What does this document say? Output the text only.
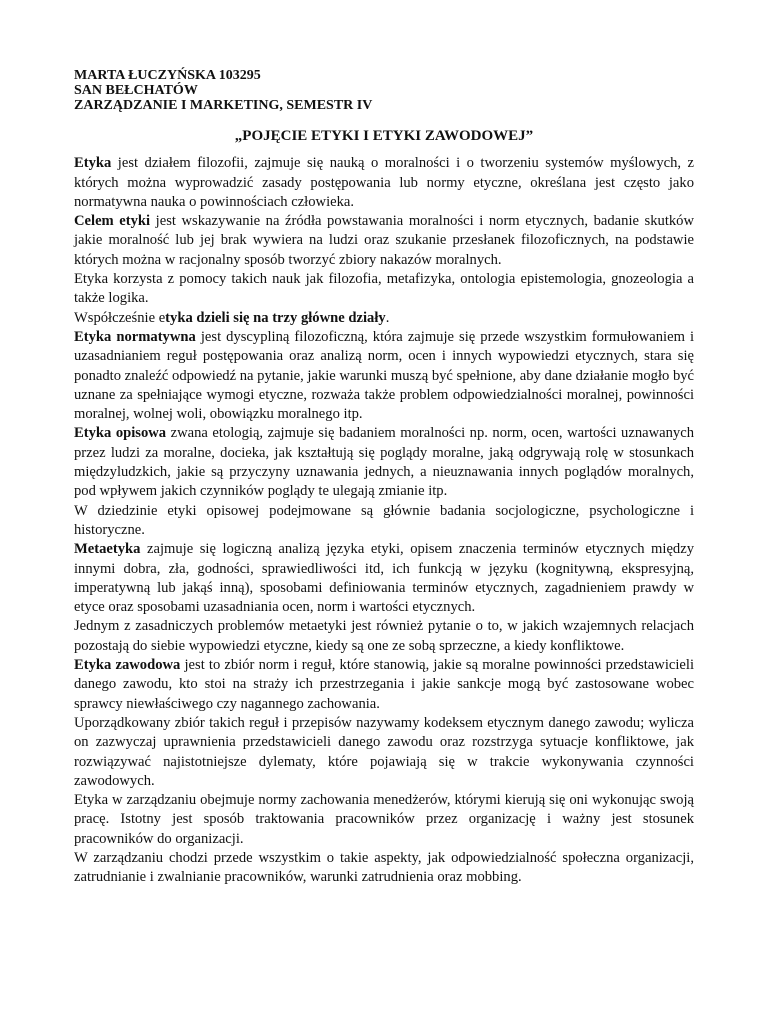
MARTA ŁUCZYŃSKA 103295
SAN BEŁCHATÓW
ZARZĄDZANIE I MARKETING, SEMESTR IV
„POJĘCIE ETYKI I ETYKI ZAWODOWEJ”

Etyka jest działem filozofii, zajmuje się nauką o moralności i o tworzeniu systemów myślowych, z których można wyprowadzić zasady postępowania lub normy etyczne, określana jest często jako normatywna nauka o powinnościach człowieka.

Celem etyki jest wskazywanie na źródła powstawania moralności i norm etycznych, badanie skutków jakie moralność lub jej brak wywiera na ludzi oraz szukanie przesłanek filozoficznych, na podstawie których można w racjonalny sposób tworzyć zbiory nakazów moralnych.

Etyka korzysta z pomocy takich nauk jak filozofia, metafizyka, ontologia epistemologia, gnozeologia a także logika.

Współcześnie etyka dzieli się na trzy główne działy.

Etyka normatywna jest dyscypliną filozoficzną, która zajmuje się przede wszystkim formułowaniem i uzasadnianiem reguł postępowania oraz analizą norm, ocen i innych wypowiedzi etycznych, stara się ponadto znaleźć odpowiedź na pytanie, jakie warunki muszą być spełnione, aby dane działanie mogło być uznane za spełniające wymogi etyczne, rozważa także problem odpowiedzialności moralnej, powinności moralnej, wolnej woli, obowiązku moralnego itp.

Etyka opisowa zwana etologią, zajmuje się badaniem moralności np. norm, ocen, wartości uznawanych przez ludzi za moralne, docieka, jak kształtują się poglądy moralne, jaką odgrywają rolę w stosunkach międzyludzkich, jakie są przyczyny uznawania jednych, a nieuznawania innych poglądów moralnych, pod wpływem jakich czynników poglądy te ulegają zmianie itp.

W dziedzinie etyki opisowej podejmowane są głównie badania socjologiczne, psychologiczne i historyczne.

Metaetyka zajmuje się logiczną analizą języka etyki, opisem znaczenia terminów etycznych między innymi dobra, zła, godności, sprawiedliwości itd, ich funkcją w języku (kognitywną, ekspresyjną, imperatywną lub jakąś inną), sposobami definiowania terminów etycznych, zagadnieniem prawdy w etyce oraz sposobami uzasadniania ocen, norm i wartości etycznych.

Jednym z zasadniczych problemów metaetyki jest również pytanie o to, w jakich wzajemnych relacjach pozostają do siebie wypowiedzi etyczne, kiedy są one ze sobą sprzeczne, a kiedy konfliktowe.

Etyka zawodowa jest to zbiór norm i reguł, które stanowią, jakie są moralne powinności przedstawicieli danego zawodu, kto stoi na straży ich przestrzegania i jakie sankcje mogą być zastosowane wobec sprawcy niewłaściwego czy nagannego zachowania.

Uporządkowany zbiór takich reguł i przepisów nazywamy kodeksem etycznym danego zawodu; wylicza on zazwyczaj uprawnienia przedstawicieli danego zawodu oraz rozstrzyga sytuacje konfliktowe, jak rozwiązywać najistotniejsze dylematy, które pojawiają się w trakcie wykonywania czynności zawodowych.

Etyka w zarządzaniu obejmuje normy zachowania menedżerów, którymi kierują się oni wykonując swoją pracę. Istotny jest sposób traktowania pracowników przez organizację i ważny jest stosunek pracowników do organizacji.

W zarządzaniu chodzi przede wszystkim o takie aspekty, jak odpowiedzialność społeczna organizacji, zatrudnianie i zwalnianie pracowników, warunki zatrudnienia oraz mobbing.
